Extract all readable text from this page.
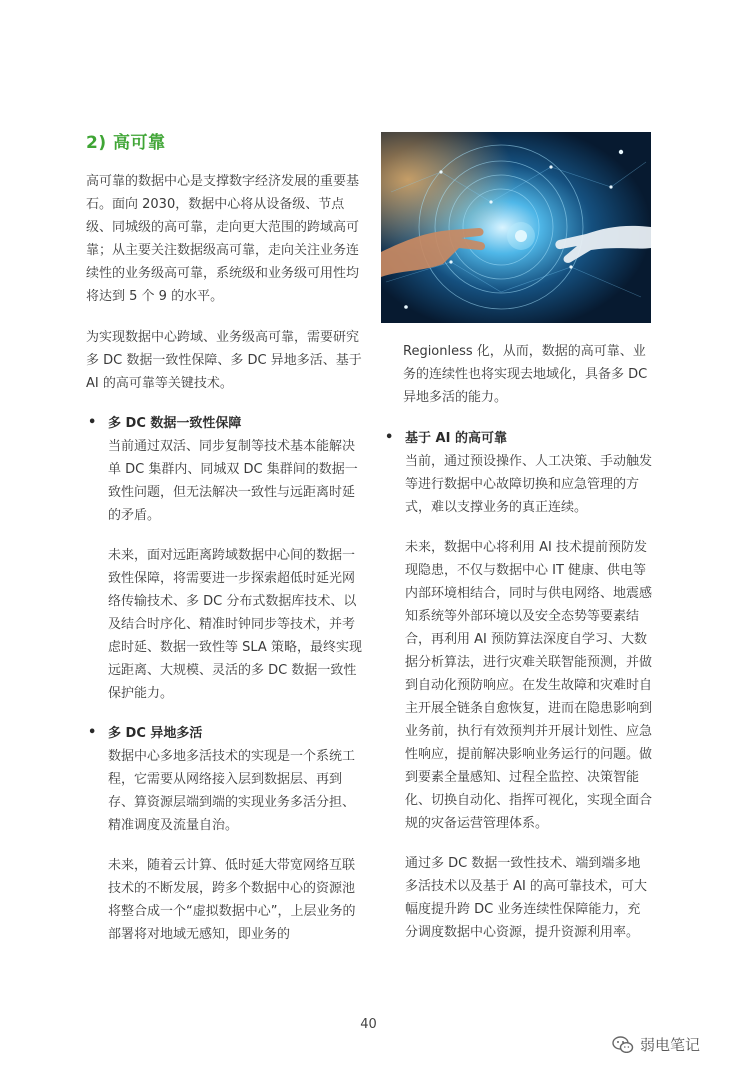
2) 高可靠

高可靠的数据中心是支撑数字经济发展的重要基石。面向 2030，数据中心将从设备级、节点级、同城级的高可靠，走向更大范围的跨域高可靠；从主要关注数据级高可靠，走向关注业务连续性的业务级高可靠，系统级和业务级可用性均将达到 5 个 9 的水平。

为实现数据中心跨域、业务级高可靠，需要研究多 DC 数据一致性保障、多 DC 异地多活、基于 AI 的高可靠等关键技术。

• 多 DC 数据一致性保障

当前通过双活、同步复制等技术基本能解决单 DC 集群内、同城双 DC 集群间的数据一致性问题，但无法解决一致性与远距离时延的矛盾。

未来，面对远距离跨域数据中心间的数据一致性保障，将需要进一步探索超低时延光网络传输技术、多 DC 分布式数据库技术、以及结合时序化、精准时钟同步等技术，并考虑时延、数据一致性等 SLA 策略，最终实现远距离、大规模、灵活的多 DC 数据一致性保护能力。

• 多 DC 异地多活

数据中心多地多活技术的实现是一个系统工程，它需要从网络接入层到数据层、再到存、算资源层端到端的实现业务多活分担、精准调度及流量自治。

未来，随着云计算、低时延大带宽网络互联技术的不断发展，跨多个数据中心的资源池将整合成一个“虚拟数据中心”，上层业务的部署将对地域无感知，即业务的

Regionless 化，从而，数据的高可靠、业务的连续性也将实现去地域化，具备多 DC 异地多活的能力。

• 基于 AI 的高可靠

当前，通过预设操作、人工决策、手动触发等进行数据中心故障切换和应急管理的方式，难以支撑业务的真正连续。

未来，数据中心将利用 AI 技术提前预防发现隐患，不仅与数据中心 IT 健康、供电等内部环境相结合，同时与供电网络、地震感知系统等外部环境以及安全态势等要素结合，再利用 AI 预防算法深度自学习、大数据分析算法，进行灾难关联智能预测，并做到自动化预防响应。在发生故障和灾难时自主开展全链条自愈恢复，进而在隐患影响到业务前，执行有效预判并开展计划性、应急性响应，提前解决影响业务运行的问题。做到要素全量感知、过程全监控、决策智能化、切换自动化、指挥可视化，实现全面合规的灾备运营管理体系。

通过多 DC 数据一致性技术、端到端多地多活技术以及基于 AI 的高可靠技术，可大幅度提升跨 DC 业务连续性保障能力，充分调度数据中心资源，提升资源利用率。

40
弱电笔记
